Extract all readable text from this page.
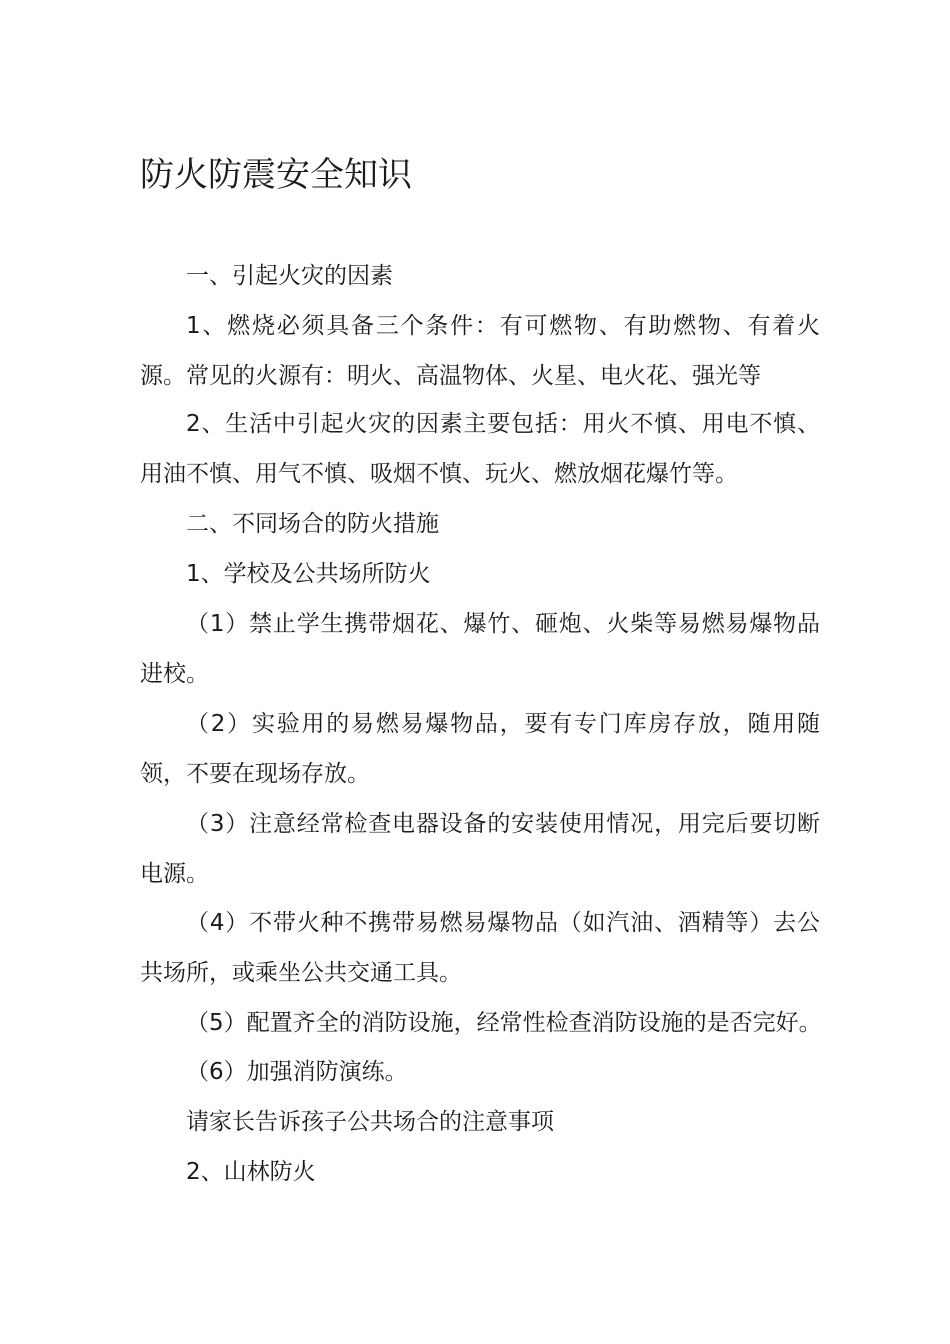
防火防震安全知识

一、引起火灾的因素

1、燃烧必须具备三个条件：有可燃物、有助燃物、有着火源。常见的火源有：明火、高温物体、火星、电火花、强光等

2、生活中引起火灾的因素主要包括：用火不慎、用电不慎、用油不慎、用气不慎、吸烟不慎、玩火、燃放烟花爆竹等。

二、不同场合的防火措施

1、学校及公共场所防火

（1）禁止学生携带烟花、爆竹、砸炮、火柴等易燃易爆物品进校。

（2）实验用的易燃易爆物品，要有专门库房存放，随用随领，不要在现场存放。

（3）注意经常检查电器设备的安装使用情况，用完后要切断电源。

（4）不带火种不携带易燃易爆物品（如汽油、酒精等）去公共场所，或乘坐公共交通工具。

（5）配置齐全的消防设施，经常性检查消防设施的是否完好。

（6）加强消防演练。

请家长告诉孩子公共场合的注意事项

2、山林防火
